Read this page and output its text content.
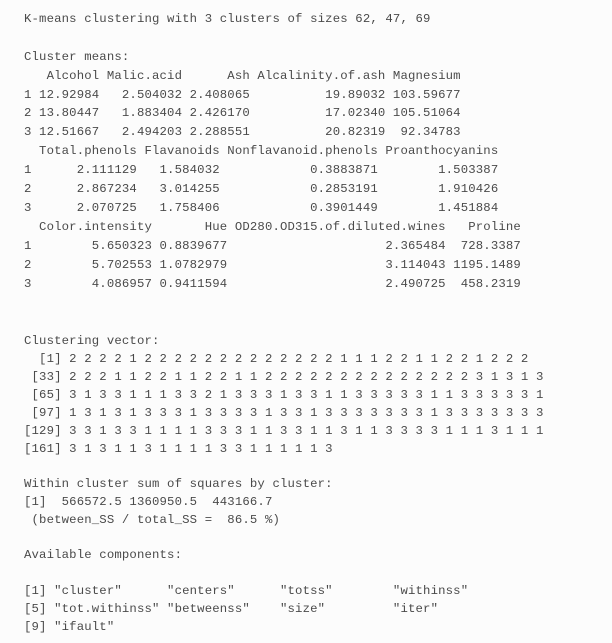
K-means clustering with 3 clusters of sizes 62, 47, 69
Cluster means:
Alcohol Malic.acid      Ash Alcalinity.of.ash Magnesium
1 12.92984   2.504032 2.408065          19.89032 103.59677
2 13.80447   1.883404 2.426170          17.02340 105.51064
3 12.51667   2.494203 2.288551          20.82319  92.34783
Total.phenols Flavanoids Nonflavanoid.phenols Proanthocyanins
1      2.111129   1.584032            0.3883871        1.503387
2      2.867234   3.014255            0.2853191        1.910426
3      2.070725   1.758406            0.3901449        1.451884
Color.intensity       Hue OD280.OD315.of.diluted.wines   Proline
1        5.650323 0.8839677                     2.365484  728.3387
2        5.702553 1.0782979                     3.114043 1195.1489
3        4.086957 0.9411594                     2.490725  458.2319
Clustering vector:
[1] 2 2 2 2 1 2 2 2 2 2 2 2 2 2 2 2 2 2 1 1 1 2 2 1 1 2 2 1 2 2 2
[33] 2 2 2 1 1 2 2 1 1 2 2 1 1 2 2 2 2 2 2 2 2 2 2 2 2 2 2 3 1 3 1 3
[65] 3 1 3 3 1 1 1 3 3 2 1 3 3 3 1 3 3 1 1 3 3 3 3 3 1 1 3 3 3 3 3 1
[97] 1 3 1 3 1 3 3 3 1 3 3 3 3 1 3 3 1 3 3 3 3 3 3 3 1 3 3 3 3 3 3 3
[129] 3 3 1 3 3 1 1 1 1 3 3 3 1 1 3 3 1 1 3 1 1 3 3 3 3 1 1 1 3 1 1 1
[161] 3 1 3 1 1 3 1 1 1 1 3 3 1 1 1 1 1 3
Within cluster sum of squares by cluster:
[1]  566572.5 1360950.5  443166.7
(between_SS / total_SS =  86.5 %)
Available components:
[1] "cluster"      "centers"      "totss"        "withinss"
[5] "tot.withinss" "betweenss"    "size"         "iter"
[9] "ifault"
